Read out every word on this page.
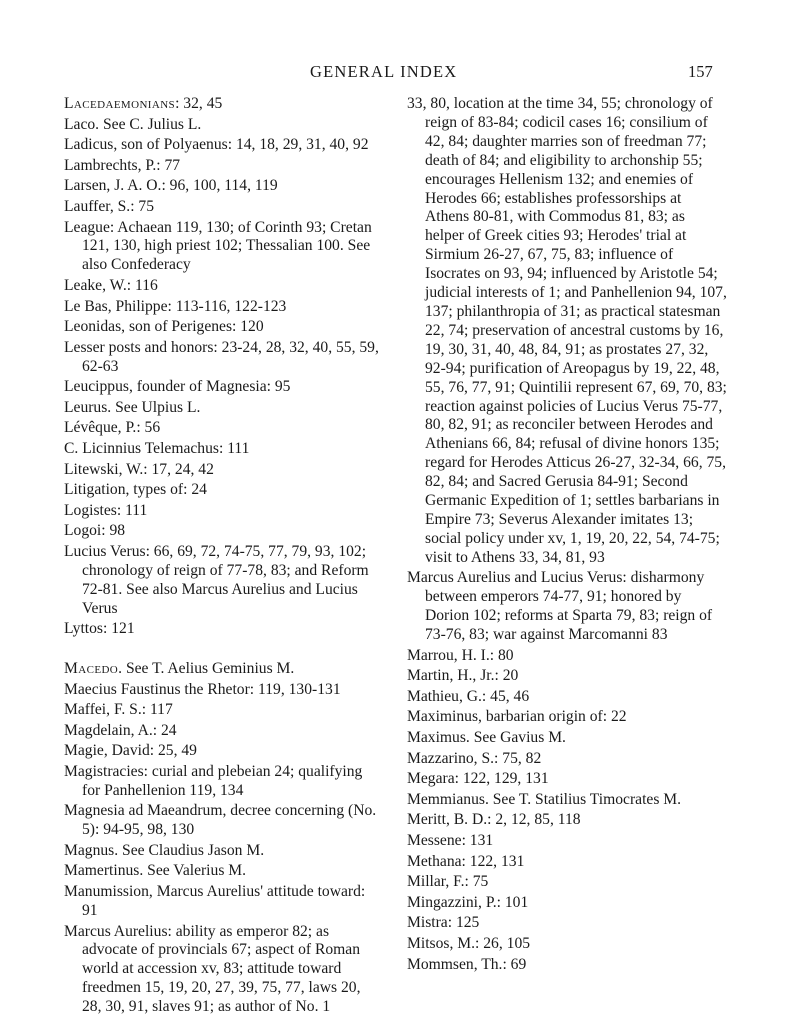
GENERAL INDEX	157
Lacedaemonians: 32, 45
Laco. See C. Julius L.
Ladicus, son of Polyaenus: 14, 18, 29, 31, 40, 92
Lambrechts, P.: 77
Larsen, J. A. O.: 96, 100, 114, 119
Lauffer, S.: 75
League: Achaean 119, 130; of Corinth 93; Cretan 121, 130, high priest 102; Thessalian 100. See also Confederacy
Leake, W.: 116
Le Bas, Philippe: 113-116, 122-123
Leonidas, son of Perigenes: 120
Lesser posts and honors: 23-24, 28, 32, 40, 55, 59, 62-63
Leucippus, founder of Magnesia: 95
Leurus. See Ulpius L.
Lévêque, P.: 56
C. Licinnius Telemachus: 111
Litewski, W.: 17, 24, 42
Litigation, types of: 24
Logistes: 111
Logoi: 98
Lucius Verus: 66, 69, 72, 74-75, 77, 79, 93, 102; chronology of reign of 77-78, 83; and Reform 72-81. See also Marcus Aurelius and Lucius Verus
Lyttos: 121
Macedo. See T. Aelius Geminius M.
Maecius Faustinus the Rhetor: 119, 130-131
Maffei, F. S.: 117
Magdelain, A.: 24
Magie, David: 25, 49
Magistracies: curial and plebeian 24; qualifying for Panhellenion 119, 134
Magnesia ad Maeandrum, decree concerning (No. 5): 94-95, 98, 130
Magnus. See Claudius Jason M.
Mamertinus. See Valerius M.
Manumission, Marcus Aurelius' attitude toward: 91
Marcus Aurelius: ability as emperor 82; as advocate of provincials 67; aspect of Roman world at accession xv, 83; attitude toward freedmen 15, 19, 20, 27, 39, 75, 77, laws 20, 28, 30, 91, slaves 91; as author of No. 1
33, 80, location at the time 34, 55; chronology of reign of 83-84; codicil cases 16; consilium of 42, 84; daughter marries son of freedman 77; death of 84; and eligibility to archonship 55; encourages Hellenism 132; and enemies of Herodes 66; establishes professorships at Athens 80-81, with Commodus 81, 83; as helper of Greek cities 93; Herodes' trial at Sirmium 26-27, 67, 75, 83; influence of Isocrates on 93, 94; influenced by Aristotle 54; judicial interests of 1; and Panhellenion 94, 107, 137; philanthropia of 31; as practical statesman 22, 74; preservation of ancestral customs by 16, 19, 30, 31, 40, 48, 84, 91; as prostates 27, 32, 92-94; purification of Areopagus by 19, 22, 48, 55, 76, 77, 91; Quintilii represent 67, 69, 70, 83; reaction against policies of Lucius Verus 75-77, 80, 82, 91; as reconciler between Herodes and Athenians 66, 84; refusal of divine honors 135; regard for Herodes Atticus 26-27, 32-34, 66, 75, 82, 84; and Sacred Gerusia 84-91; Second Germanic Expedition of 1; settles barbarians in Empire 73; Severus Alexander imitates 13; social policy under xv, 1, 19, 20, 22, 54, 74-75; visit to Athens 33, 34, 81, 93
Marcus Aurelius and Lucius Verus: disharmony between emperors 74-77, 91; honored by Dorion 102; reforms at Sparta 79, 83; reign of 73-76, 83; war against Marcomanni 83
Marrou, H. I.: 80
Martin, H., Jr.: 20
Mathieu, G.: 45, 46
Maximinus, barbarian origin of: 22
Maximus. See Gavius M.
Mazzarino, S.: 75, 82
Megara: 122, 129, 131
Memmianus. See T. Statilius Timocrates M.
Meritt, B. D.: 2, 12, 85, 118
Messene: 131
Methana: 122, 131
Millar, F.: 75
Mingazzini, P.: 101
Mistra: 125
Mitsos, M.: 26, 105
Mommsen, Th.: 69
